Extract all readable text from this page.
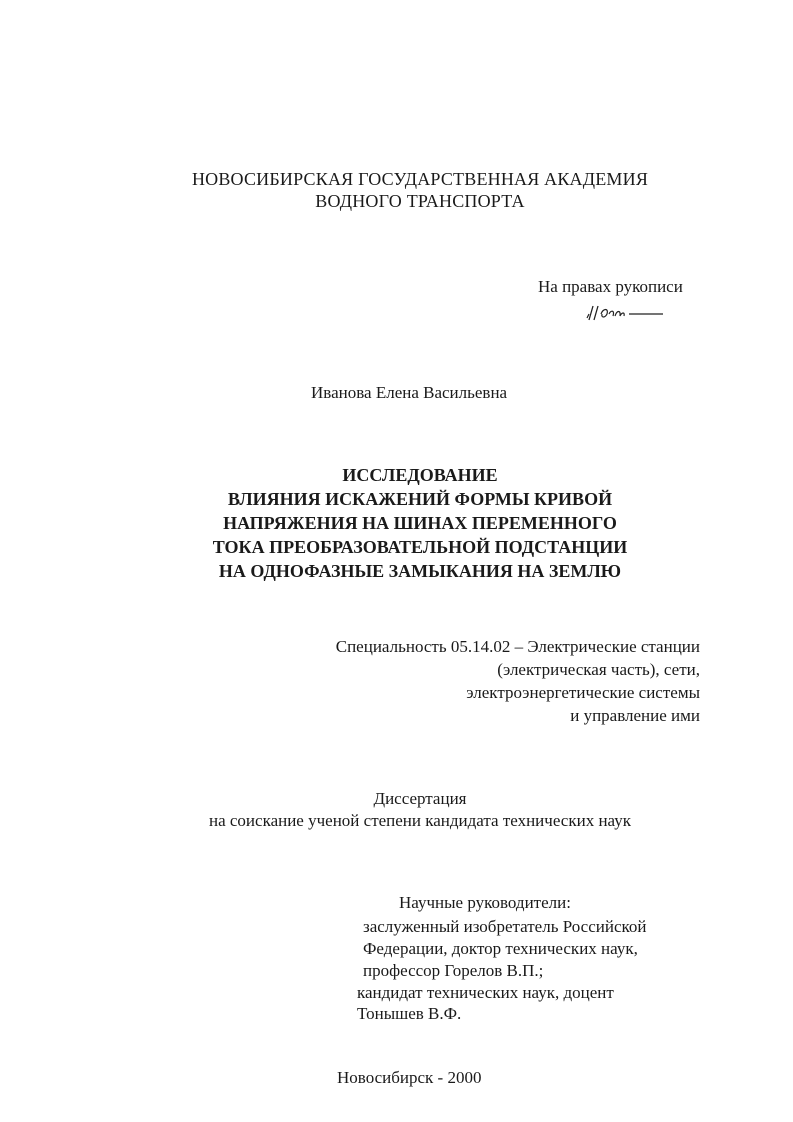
НОВОСИБИРСКАЯ ГОСУДАРСТВЕННАЯ АКАДЕМИЯ
ВОДНОГО ТРАНСПОРТА
На правах рукописи
Иванова Елена Васильевна
ИССЛЕДОВАНИЕ
ВЛИЯНИЯ ИСКАЖЕНИЙ ФОРМЫ КРИВОЙ
НАПРЯЖЕНИЯ НА ШИНАХ ПЕРЕМЕННОГО
ТОКА ПРЕОБРАЗОВАТЕЛЬНОЙ ПОДСТАНЦИИ
НА ОДНОФАЗНЫЕ ЗАМЫКАНИЯ НА ЗЕМЛЮ
Специальность 05.14.02 – Электрические станции
(электрическая часть), сети,
электроэнергетические системы
и управление ими
Диссертация
на соискание ученой степени кандидата технических наук
Научные руководители:
заслуженный изобретатель Российской
Федерации, доктор технических наук,
профессор Горелов В.П.;
кандидат технических наук, доцент
Тонышев В.Ф.
Новосибирск - 2000
